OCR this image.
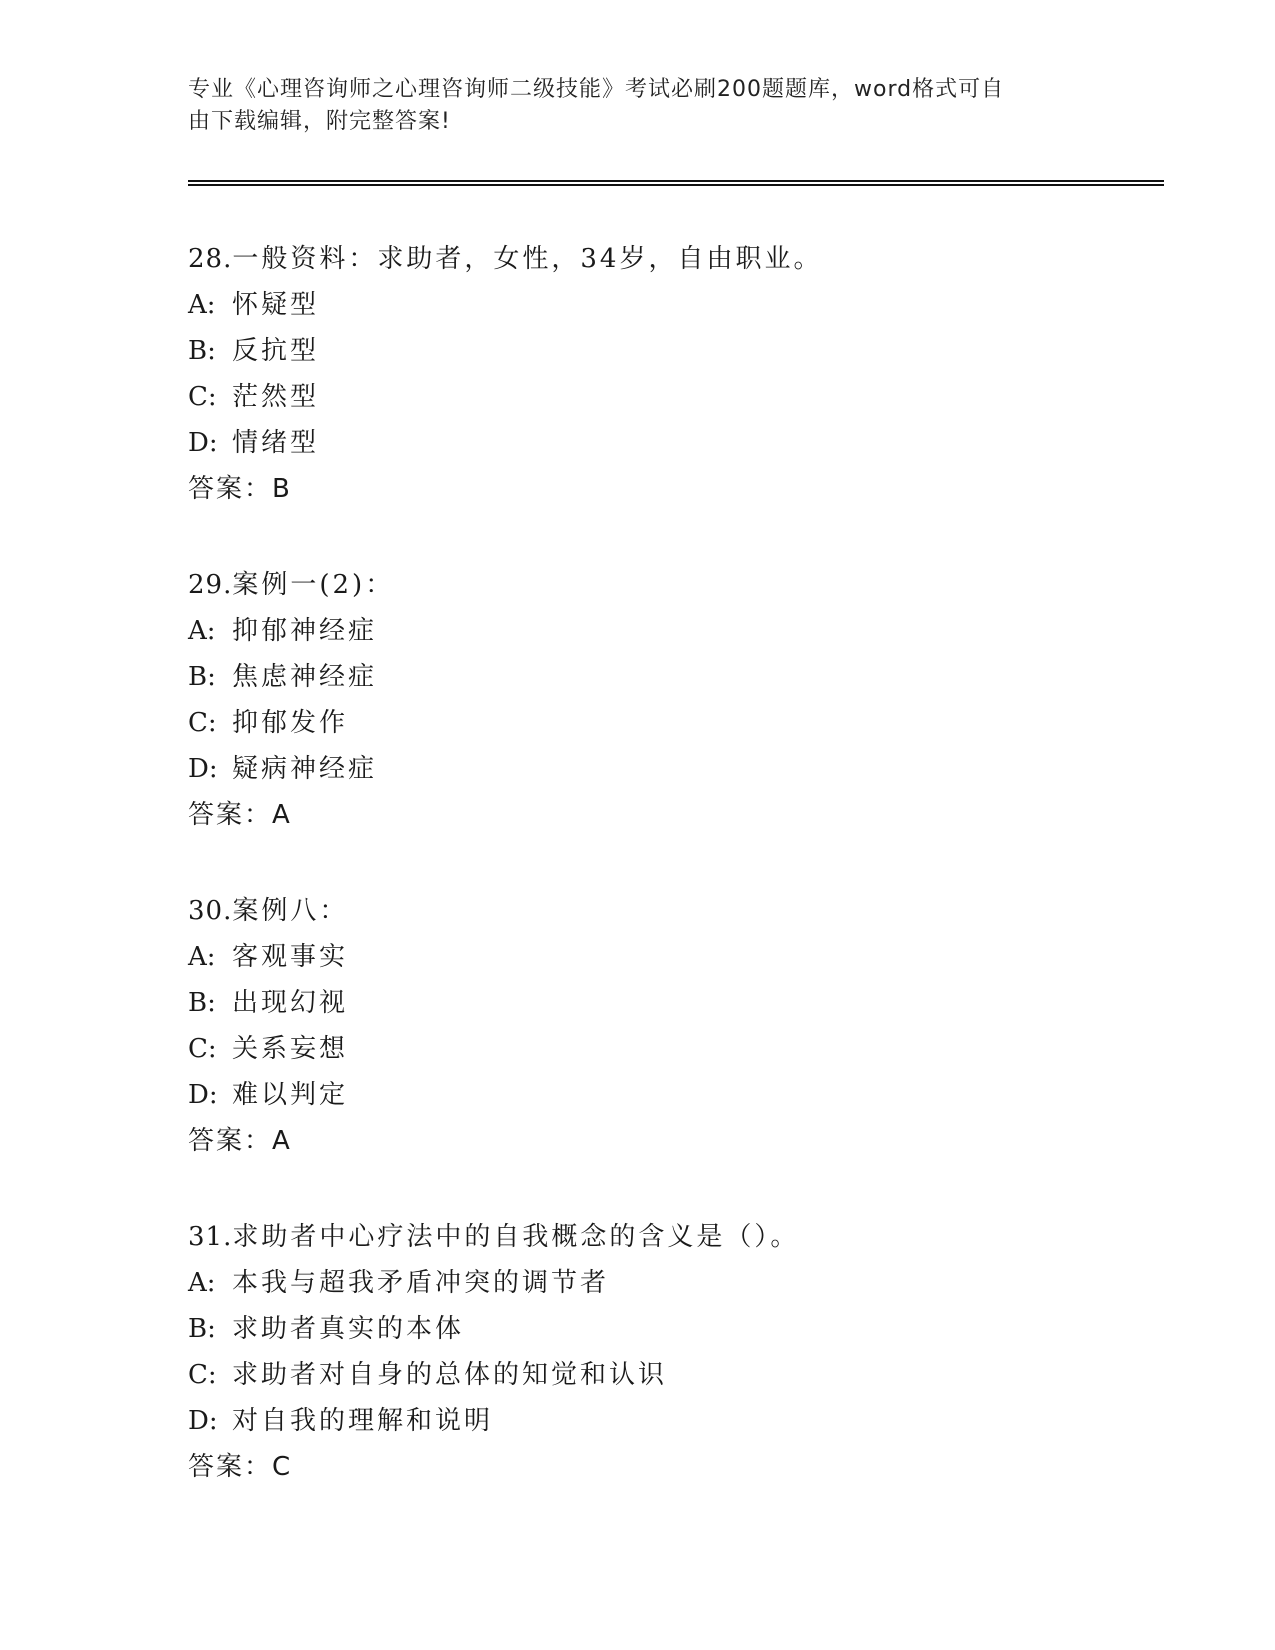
专业《心理咨询师之心理咨询师二级技能》考试必刷200题题库，word格式可自
由下载编辑，附完整答案!
28.一般资料：求助者，女性，34岁，自由职业。
A: 怀疑型
B: 反抗型
C: 茫然型
D: 情绪型
答案：B
29.案例一(2)：
A: 抑郁神经症
B: 焦虑神经症
C: 抑郁发作
D: 疑病神经症
答案：A
30.案例八：
A: 客观事实
B: 出现幻视
C: 关系妄想
D: 难以判定
答案：A
31.求助者中心疗法中的自我概念的含义是（）。
A: 本我与超我矛盾冲突的调节者
B: 求助者真实的本体
C: 求助者对自身的总体的知觉和认识
D: 对自我的理解和说明
答案：C
